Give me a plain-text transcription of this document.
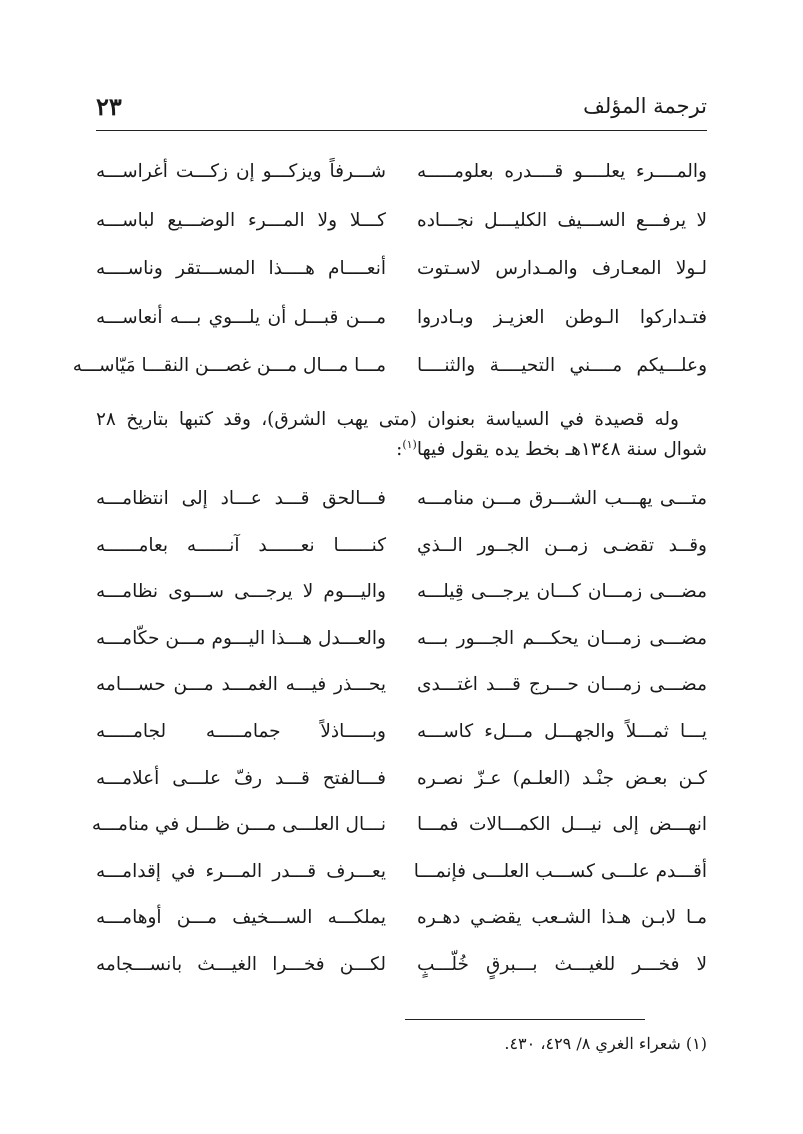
ترجمة المؤلف
٢٣
والمــــرء يعلــــو قــــدره بعلومـــــه
شـــرفاً ويزكـــو إن زكـــت أغراســـه
لا يرفـــع الســـيف الكليـــل نجـــاده
كـــلا ولا المـــرء الوضـــيع لباســـه
لـولا المعـارف والمـدارس لاسـتوت
أنعــــام هــــذا المســـتقر وناســــه
فتـداركوا الـوطن العزيـز وبـادروا
مـــن قبـــل أن يلـــوي بـــه أنعاســـه
وعلـــيكم مــــني التحيــــة والثنــــا
مـــا مـــال مـــن غصـــن النقـــا مَيّاســـه

وله قصيدة في السياسة بعنوان (متى يهب الشرق)، وقد كتبها بتاريخ ٢٨ شوال سنة ١٣٤٨هـ بخط يده يقول فيها$^{(١)}$:

متـــى يهـــب الشـــرق مـــن منامـــه
فـــالحق قـــد عـــاد إلى انتظامـــه
وقــد تقضـى زمــن الجــور الــذي
كنــــــا نعــــــد آنــــــه بعامــــــه
مضـــى زمـــان كـــان يرجـــى قِيلـــه
واليـــوم لا يرجـــى ســـوى نظامـــه
مضـــى زمـــان يحكـــم الجـــور بـــه
والعـــدل هـــذا اليـــوم مـــن حكّامـــه
مضـــى زمـــان حـــرج قـــد اغتـــدى
يحـــذر فيـــه الغمـــد مـــن حســـامه
يـــا ثمـــلاً والجهـــل مـــلء كاســـه
وبـــــاذلاً جمامـــــه لجامـــــه
كـن بعـض جنْـد (العلـم) عـزّ نصـره
فـــالفتح قـــد رفّ علـــى أعلامـــه
انهـــض إلى نيـــل الكمـــالات فمـــا
نـــال العلـــى مـــن ظـــل في منامـــه
أقـــدم علـــى كســـب العلـــى فإنمـــا
يعـــرف قـــدر المـــرء في إقدامـــه
مـا لابـن هـذا الشـعب يقضـي دهـره
يملكـــه الســـخيف مـــن أوهامـــه
لا فخـــر للغيـــث بـــبرقٍ خُلّـــبٍ
لكـــن فخـــرا الغيـــث بانســـجامه

(١) شعراء الغري ٨/ ٤٢٩، ٤٣٠.
